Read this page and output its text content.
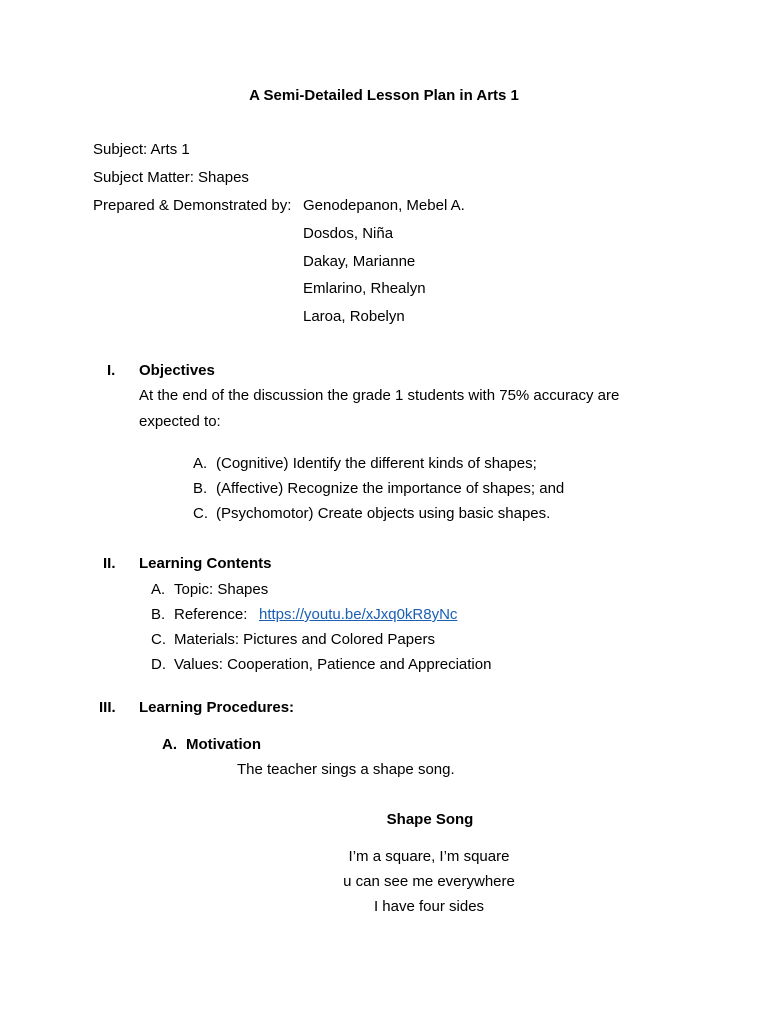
A Semi-Detailed Lesson Plan in Arts 1
Subject: Arts 1
Subject Matter: Shapes
Prepared & Demonstrated by: Genodepanon, Mebel A.
Dosdos, Niña
Dakay, Marianne
Emlarino, Rhealyn
Laroa, Robelyn
I. Objectives
At the end of the discussion the grade 1 students with 75% accuracy are
expected to:
A. (Cognitive) Identify the different kinds of shapes;
B. (Affective) Recognize the importance of shapes; and
C. (Psychomotor) Create objects using basic shapes.
II. Learning Contents
A. Topic: Shapes
B. Reference: https://youtu.be/xJxq0kR8yNc
C. Materials: Pictures and Colored Papers
D. Values: Cooperation, Patience and Appreciation
III. Learning Procedures:
A. Motivation
The teacher sings a shape song.
Shape Song
I’m a square, I’m square
u can see me everywhere
I have four sides
